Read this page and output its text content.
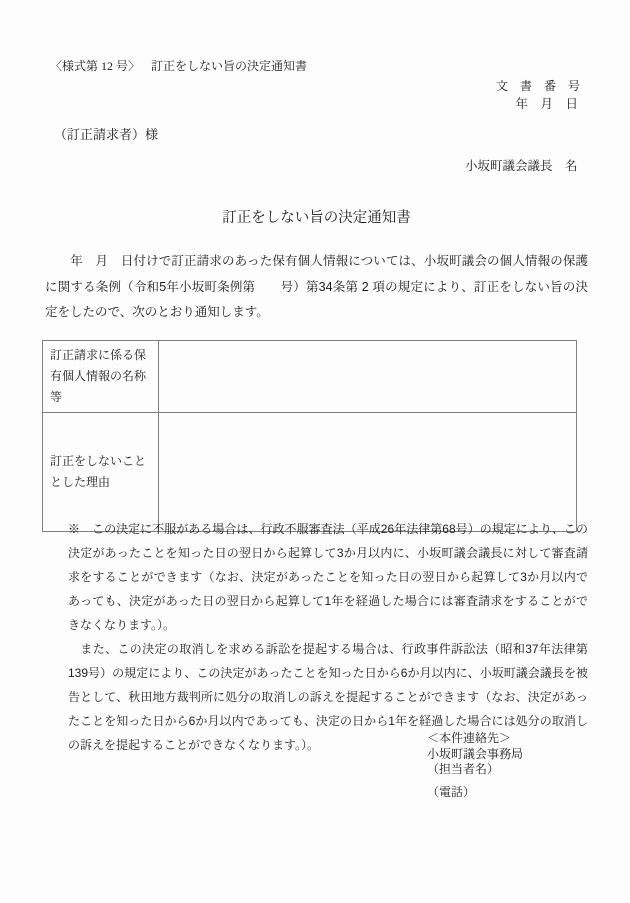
〈様式第 12 号〉 訂正をしない旨の決定通知書
文　書　番　号
年　月　日
（訂正請求者）様
小坂町議会議長　名
訂正をしない旨の決定通知書

　　年　月　日付けで訂正請求のあった保有個人情報については、小坂町議会の個人情報の保護に関する条例（令和5年小坂町条例第　　号）第34条第 2 項の規定により、訂正をしない旨の決定をしたので、次のとおり通知します。

訂正請求に係る保有個人情報の名称等	
訂正をしないこととした理由	

※　この決定に不服がある場合は、行政不服審査法（平成26年法律第68号）の規定により、この決定があったことを知った日の翌日から起算して3か月以内に、小坂町議会議長に対して審査請求をすることができます（なお、決定があったことを知った日の翌日から起算して3か月以内であっても、決定があった日の翌日から起算して1年を経過した場合には審査請求をすることができなくなります。）。

　また、この決定の取消しを求める訴訟を提起する場合は、行政事件訴訟法（昭和37年法律第139号）の規定により、この決定があったことを知った日から6か月以内に、小坂町議会議長を被告として、秋田地方裁判所に処分の取消しの訴えを提起することができます（なお、決定があったことを知った日から6か月以内であっても、決定の日から1年を経過した場合には処分の取消しの訴えを提起することができなくなります。）。	＜本件連絡先＞
小坂町議会事務局
（担当者名）
（電話）
